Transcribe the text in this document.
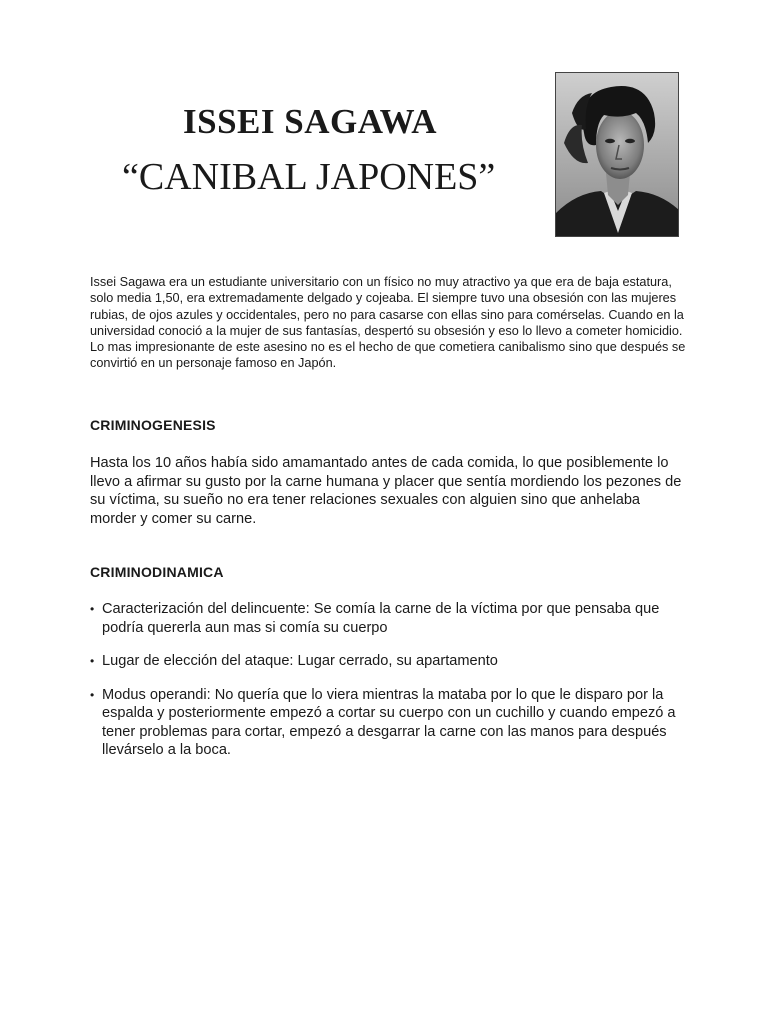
ISSEI SAGAWA
“CANIBAL JAPONES”

Issei Sagawa era un estudiante universitario con un físico no muy atractivo ya que era de baja estatura, solo media 1,50, era extremadamente delgado y cojeaba. El siempre tuvo una obsesión con las mujeres rubias, de ojos azules y occidentales, pero no para casarse con ellas sino para comérselas. Cuando en la universidad conoció a la mujer de sus fantasías, despertó su obsesión y eso lo llevo a cometer homicidio. Lo mas impresionante de este asesino no es el hecho de que cometiera canibalismo sino que después se convirtió en un personaje famoso en Japón.

CRIMINOGENESIS

Hasta los 10 años había sido amamantado antes de cada comida, lo que posiblemente lo llevo a afirmar su gusto por la carne humana y placer que sentía mordiendo los pezones de su víctima, su sueño no era tener relaciones sexuales con alguien sino que anhelaba morder y comer su carne.

CRIMINODINAMICA
• Caracterización del delincuente: Se comía la carne de la víctima por que pensaba que podría quererla aun mas si comía su cuerpo
• Lugar de elección del ataque: Lugar cerrado, su apartamento
• Modus operandi: No quería que lo viera mientras la mataba por lo que le disparo por la espalda y posteriormente empezó a cortar su cuerpo con un cuchillo y cuando empezó a tener problemas para cortar, empezó a desgarrar la carne con las manos para después llevárselo a la boca.
